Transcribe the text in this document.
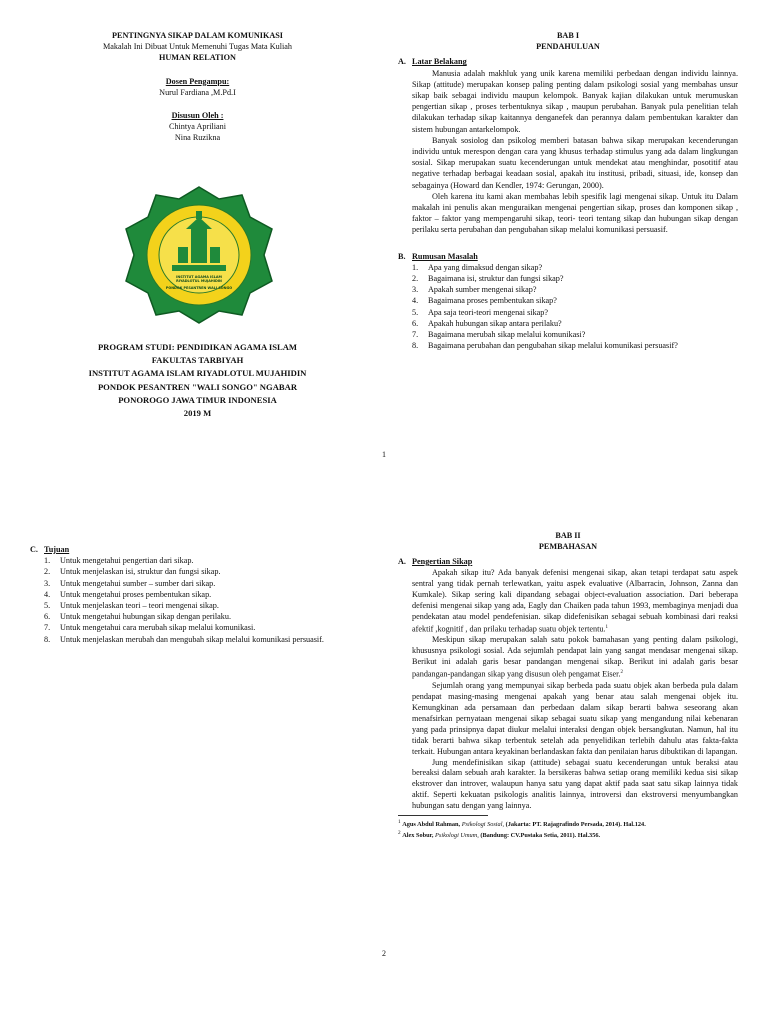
PENTINGNYA SIKAP DALAM KOMUNIKASI
Makalah Ini Dibuat Untuk Memenuhi Tugas Mata Kuliah
HUMAN RELATION
Dosen Pengampu:
Nurul Fardiana ,M.Pd.I
Disusun Oleh :
Chintya Apriliani
Nina Ruzikna
INSTITUT AGAMA ISLAM RIYADLOTUL MUJAHIDIN
PONDOK PESANTREN WALI SONGO
PROGRAM STUDI: PENDIDIKAN AGAMA ISLAM
FAKULTAS TARBIYAH
INSTITUT AGAMA ISLAM RIYADLOTUL MUJAHIDIN
PONDOK PESANTREN "WALI SONGO" NGABAR
PONOROGO JAWA TIMUR INDONESIA
2019 M
BAB I
PENDAHULUAN
A. Latar Belakang

Manusia adalah makhluk yang unik karena memiliki perbedaan dengan individu lainnya. Sikap (attitude) merupakan konsep paling penting dalam psikologi sosial yang membahas unsur sikap baik sebagai individu maupun kelompok. Banyak kajian dilakukan untuk merumuskan pengertian sikap , proses terbentuknya sikap , maupun perubahan. Banyak pula penelitian telah dilakukan terhadap sikap kaitannya denganefek dan perannya dalam pembentukan karakter dan sistem hubungan antarkelompok.

Banyak sosiolog dan psikolog memberi batasan bahwa sikap merupakan kecenderungan individu untuk merespon dengan cara yang khusus terhadap stimulus yang ada dalam lingkungan sosial. Sikap merupakan suatu kecenderungan untuk mendekat atau menghindar, posotitif atau negative terhadap berbagai keadaan sosial, apakah itu institusi, pribadi, situasi, ide, konsep dan sebagainya (Howard dan Kendler, 1974: Gerungan, 2000).

Oleh karena itu kami akan membahas lebih spesifik lagi mengenai sikap. Untuk itu Dalam makalah ini penulis akan menguraikan mengenai pengertian sikap, proses dan komponen sikap , faktor – faktor yang mempengaruhi sikap, teori- teori tentang sikap dan hubungan sikap dengan perilaku serta perubahan dan pengubahan sikap melalui komunikasi persuasif.

B. Rumusan Masalah
1. Apa yang dimaksud dengan sikap?
2. Bagaimana isi, struktur dan fungsi sikap?
3. Apakah sumber mengenai sikap?
4. Bagaimana proses pembentukan sikap?
5. Apa saja teori-teori mengenai sikap?
6. Apakah hubungan sikap antara perilaku?
7. Bagaimana merubah sikap melalui komunikasi?
8. Bagaimana perubahan dan pengubahan sikap melalui komunikasi persuasif?
1
C. Tujuan
1. Untuk mengetahui pengertian dari sikap.
2. Untuk menjelaskan isi, struktur dan fungsi sikap.
3. Untuk mengetahui sumber – sumber dari sikap.
4. Untuk mengetahui proses pembentukan sikap.
5. Untuk menjelaskan teori – teori mengenai sikap.
6. Untuk mengetahui hubungan sikap dengan perilaku.
7. Untuk mengetahui cara merubah sikap melalui komunikasi.
8. Untuk menjelaskan merubah dan mengubah sikap melalui komunikasi persuasif.
BAB II
PEMBAHASAN
A. Pengertian Sikap

Apakah sikap itu? Ada banyak defenisi mengenai sikap, akan tetapi terdapat satu aspek sentral yang tidak pernah terlewatkan, yaitu aspek evaluative (Albarracin, Johnson, Zanna dan Kumkale). Sikap sering kali dipandang sebagai object-evaluation association. Dari beberapa defenisi mengenai sikap yang ada, Eagly dan Chaiken pada tahun 1993, membaginya menjadi dua pendekatan atau model pendefenisian. sikap didefenisikan sebagai sebuah kombinasi dari reaksi afektif ,kognitif , dan prilaku terhadap suatu objek tertentu.$^1$

Meskipun sikap merupakan salah satu pokok bamahasan yang penting dalam psikologi, khususnya psikologi sosial. Ada sejumlah pendapat lain yang sangat mendasar mengenai sikap. Berikut ini adalah garis besar pandangan mengenai sikap. Berikut ini adalah garis besar pandangan-pandangan sikap yang disusun oleh pengamat Eiser.$^2$

Sejumlah orang yang mempunyai sikap berbeda pada suatu objek akan berbeda pula dalam pendapat masing-masing mengenai apakah yang benar atau salah mengenai objek itu. Kemungkinan ada persamaan dan perbedaan dalam sikap berarti bahwa seseorang akan menafsirkan pernyataan mengenai sikap sebagai suatu sikap yang mengandung nilai kebenaran yang pada prinsipnya dapat diukur melalui interaksi dengan objek bersangkutan. Namun, hal itu tidak berarti bahwa sikap terbentuk setelah ada penyelidikan terlebih dahulu atas fakta-fakta terkait. Hubungan antara keyakinan berlandaskan fakta dan penilaian harus dibuktikan di lapangan.

Jung mendefinisikan sikap (attitude) sebagai suatu kecenderungan untuk beraksi atau bereaksi dalam sebuah arah karakter. Ia bersikeras bahwa setiap orang memiliki kedua sisi sikap ekstrover dan introver, walaupun hanya satu yang dapat aktif pada saat satu sikap lainnya tidak aktif. Seperti kekuatan psikologis analitis lainnya, introversi dan ekstroversi menyumbangkan hubungan satu dengan yang lainnya.

$^1$ Agus Abdul Rahman, Psikologi Sosial, (Jakarta: PT. Rajagrafindo Persada, 2014). Hal.124.
$^2$ Alex Sobur, Psikologi Umum, (Bandung: CV.Pustaka Setia, 2011). Hal.356.
2
